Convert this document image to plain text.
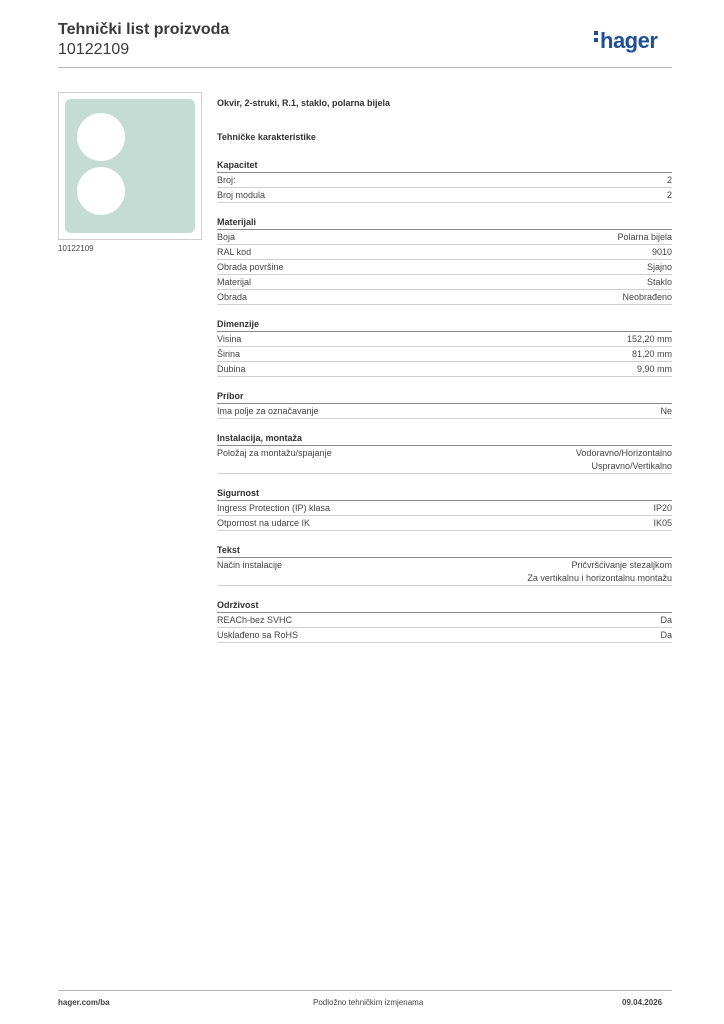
Tehnički list proizvoda
10122109	hager
10122109
Okvir, 2-struki, R.1, staklo, polarna bijela
Tehničke karakteristike
Kapacitet
Broj:	2
Broj modula	2
Materijali
Boja	Polarna bijela
RAL kod	9010
Obrada površine	Sjajno
Materijal	Staklo
Obrada	Neobrađeno
Dimenzije
Visina	152,20 mm
Širina	81,20 mm
Dubina	9,90 mm
Pribor
Ima polje za označavanje	Ne
Instalacija, montaža
Položaj za montažu/spajanje	Vodoravno/Horizontalno
Uspravno/Vertikalno
Sigurnost
Ingress Protection (IP) klasa	IP20
Otpornost na udarce IK	IK05
Tekst
Način instalacije	Pričvršćivanje stezaljkom
Za vertikalnu i horizontalnu montažu
Održivost
REACh-bez SVHC	Da
Usklađeno sa RoHS	Da
hager.com/ba	Podložno tehničkim izmjenama	09.04.2026
